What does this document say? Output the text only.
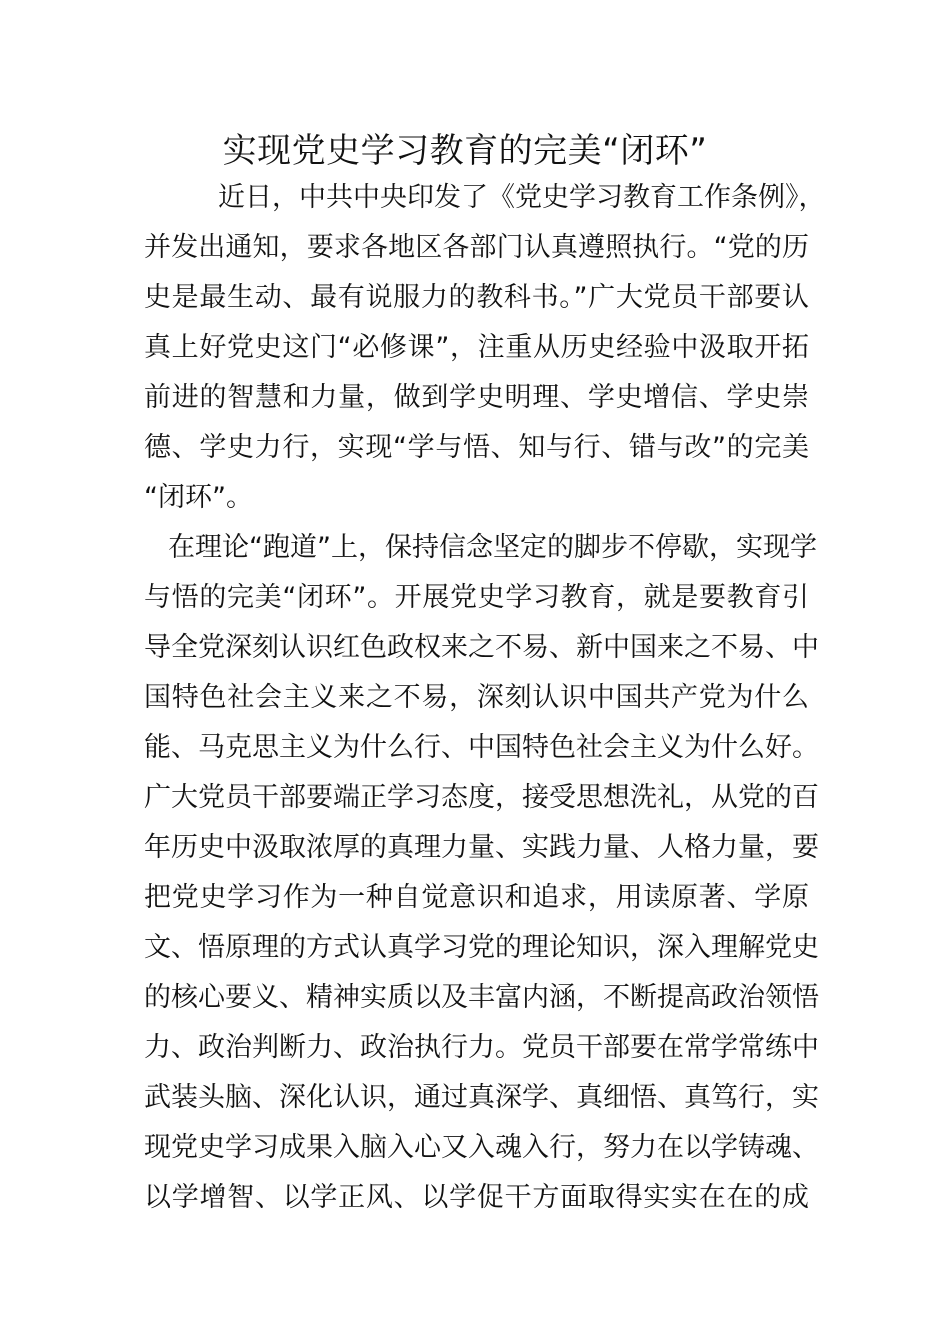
实现党史学习教育的完美“闭环”
近日，中共中央印发了《党史学习教育工作条例》，
并发出通知，要求各地区各部门认真遵照执行。“党的历
史是最生动、最有说服力的教科书。”广大党员干部要认
真上好党史这门“必修课”，注重从历史经验中汲取开拓
前进的智慧和力量，做到学史明理、学史增信、学史崇
德、学史力行，实现“学与悟、知与行、错与改”的完美
“闭环”。
在理论“跑道”上，保持信念坚定的脚步不停歇，实现学
与悟的完美“闭环”。开展党史学习教育，就是要教育引
导全党深刻认识红色政权来之不易、新中国来之不易、中
国特色社会主义来之不易，深刻认识中国共产党为什么
能、马克思主义为什么行、中国特色社会主义为什么好。
广大党员干部要端正学习态度，接受思想洗礼，从党的百
年历史中汲取浓厚的真理力量、实践力量、人格力量，要
把党史学习作为一种自觉意识和追求，用读原著、学原
文、悟原理的方式认真学习党的理论知识，深入理解党史
的核心要义、精神实质以及丰富内涵，不断提高政治领悟
力、政治判断力、政治执行力。党员干部要在常学常练中
武装头脑、深化认识，通过真深学、真细悟、真笃行，实
现党史学习成果入脑入心又入魂入行，努力在以学铸魂、
以学增智、以学正风、以学促干方面取得实实在在的成
